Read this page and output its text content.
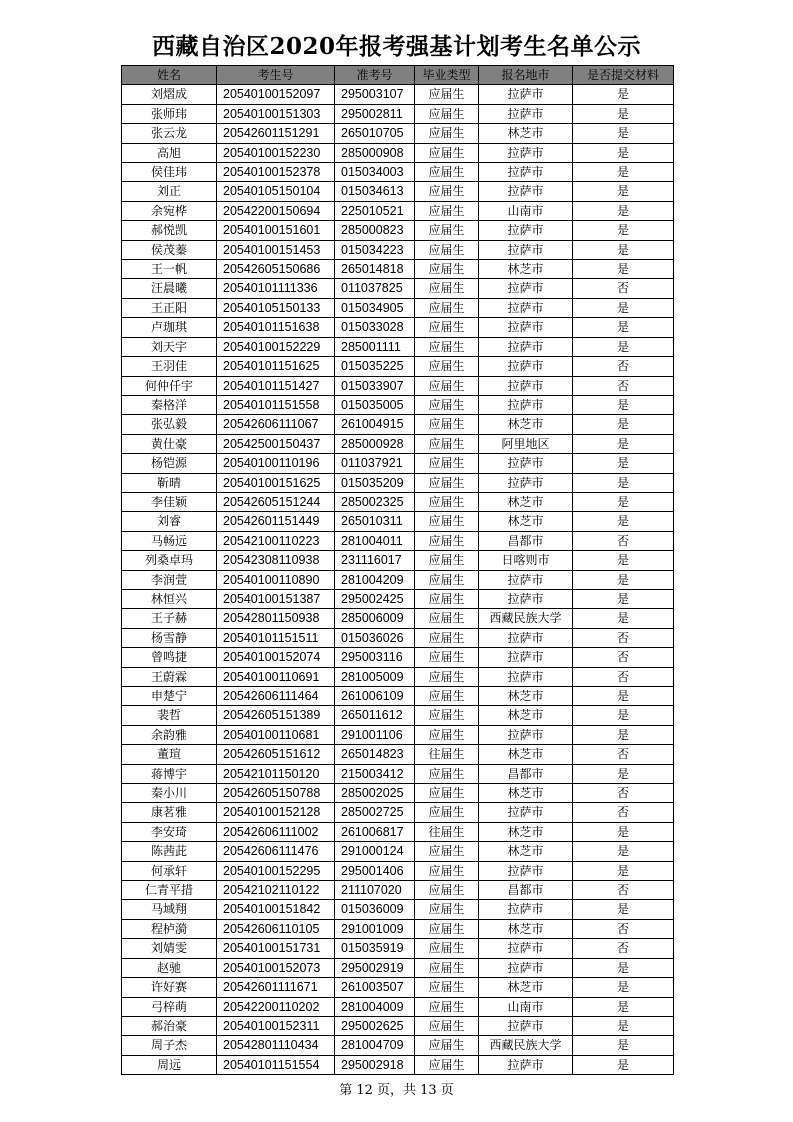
西藏自治区2020年报考强基计划考生名单公示
姓名	考生号	准考号	毕业类型	报名地市	是否提交材料
刘熠成	20540100152097	295003107	应届生	拉萨市	是
张师玮	20540100151303	295002811	应届生	拉萨市	是
张云龙	20542601151291	265010705	应届生	林芝市	是
高旭	20540100152230	285000908	应届生	拉萨市	是
侯佳玮	20540100152378	015034003	应届生	拉萨市	是
刘正	20540105150104	015034613	应届生	拉萨市	是
余宛桦	20542200150694	225010521	应届生	山南市	是
郝悦凯	20540100151601	285000823	应届生	拉萨市	是
侯茂蓁	20540100151453	015034223	应届生	拉萨市	是
王一帆	20542605150686	265014818	应届生	林芝市	是
汪晨曦	20540101111336	011037825	应届生	拉萨市	否
王正阳	20540105150133	015034905	应届生	拉萨市	是
卢珈琪	20540101151638	015033028	应届生	拉萨市	是
刘天宇	20540100152229	285001111	应届生	拉萨市	是
王羽佳	20540101151625	015035225	应届生	拉萨市	否
何仲仟宇	20540101151427	015033907	应届生	拉萨市	否
秦格洋	20540101151558	015035005	应届生	拉萨市	是
张弘毅	20542606111067	261004915	应届生	林芝市	是
黄仕豪	20542500150437	285000928	应届生	阿里地区	是
杨铠源	20540100110196	011037921	应届生	拉萨市	是
靳晴	20540100151625	015035209	应届生	拉萨市	是
李佳颖	20542605151244	285002325	应届生	林芝市	是
刘睿	20542601151449	265010311	应届生	林芝市	是
马畅远	20542100110223	281004011	应届生	昌都市	否
列桑卓玛	20542308110938	231116017	应届生	日喀则市	是
李润萱	20540100110890	281004209	应届生	拉萨市	是
林恒兴	20540100151387	295002425	应届生	拉萨市	是
王子赫	20542801150938	285006009	应届生	西藏民族大学	是
杨雪静	20540101151511	015036026	应届生	拉萨市	否
曾鸣捷	20540100152074	295003116	应届生	拉萨市	否
王蔚霖	20540100110691	281005009	应届生	拉萨市	否
申楚宁	20542606111464	261006109	应届生	林芝市	是
裴哲	20542605151389	265011612	应届生	林芝市	是
余韵雅	20540100110681	291001106	应届生	拉萨市	是
董瑄	20542605151612	265014823	往届生	林芝市	否
蒋博宇	20542101150120	215003412	应届生	昌都市	是
秦小川	20542605150788	285002025	应届生	林芝市	否
康茗雅	20540100152128	285002725	应届生	拉萨市	否
李安琦	20542606111002	261006817	往届生	林芝市	是
陈茜茈	20542606111476	291000124	应届生	林芝市	是
何承轩	20540100152295	295001406	应届生	拉萨市	是
仁青平措	20542102110122	211107020	应届生	昌都市	否
马域翔	20540100151842	015036009	应届生	拉萨市	是
程栌漪	20542606110105	291001009	应届生	林芝市	否
刘婧雯	20540100151731	015035919	应届生	拉萨市	否
赵驰	20540100152073	295002919	应届生	拉萨市	是
许好赛	20542601111671	261003507	应届生	林芝市	是
弓梓萌	20542200110202	281004009	应届生	山南市	是
郝治豪	20540100152311	295002625	应届生	拉萨市	是
周子杰	20542801110434	281004709	应届生	西藏民族大学	是
周远	20540101151554	295002918	应届生	拉萨市	是
第 12 页，共 13 页
